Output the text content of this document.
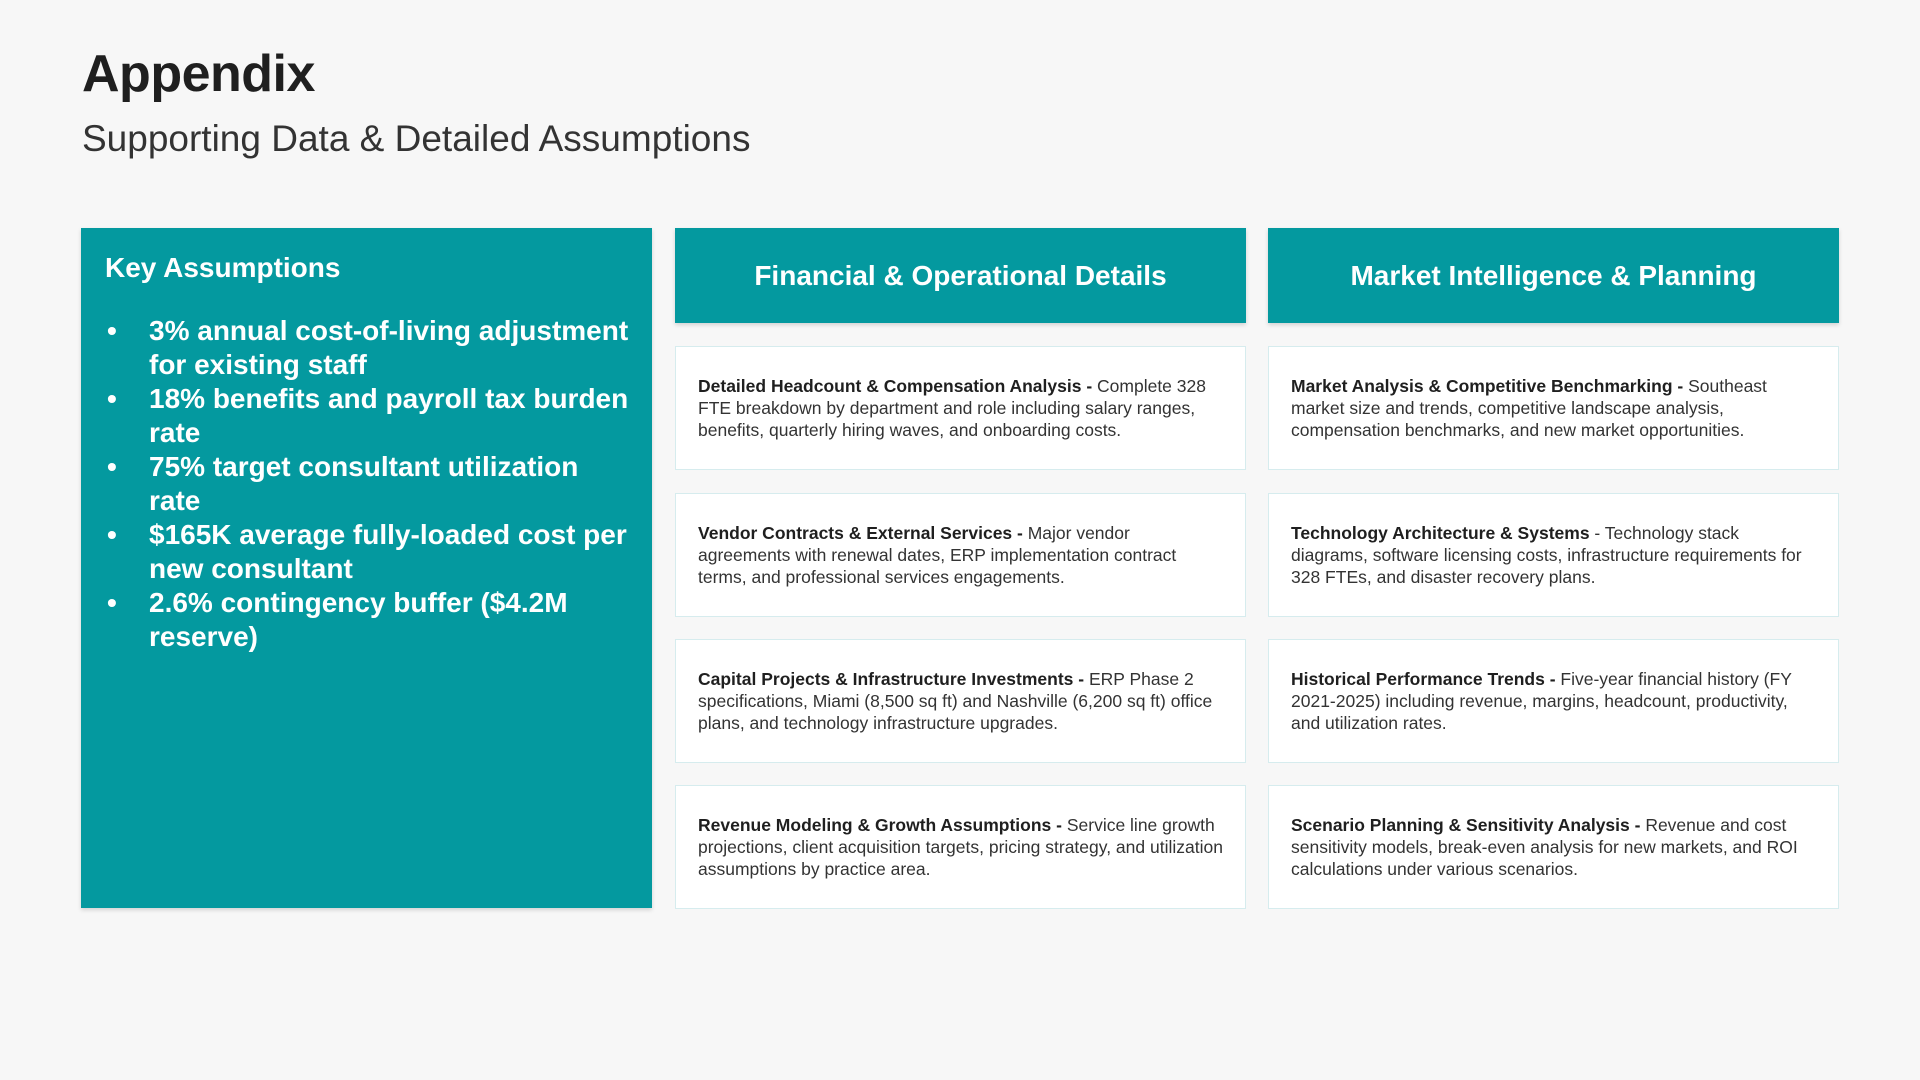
Appendix
Supporting Data & Detailed Assumptions
Key Assumptions
• 3% annual cost-of-living adjustment for existing staff
• 18% benefits and payroll tax burden rate
• 75% target consultant utilization rate
• $165K average fully-loaded cost per new consultant
• 2.6% contingency buffer ($4.2M reserve)
Financial & Operational Details	Market Intelligence & Planning
Detailed Headcount & Compensation Analysis - Complete 328 FTE breakdown by department and role including salary ranges, benefits, quarterly hiring waves, and onboarding costs.
Vendor Contracts & External Services - Major vendor agreements with renewal dates, ERP implementation contract terms, and professional services engagements.
Capital Projects & Infrastructure Investments - ERP Phase 2 specifications, Miami (8,500 sq ft) and Nashville (6,200 sq ft) office plans, and technology infrastructure upgrades.
Revenue Modeling & Growth Assumptions - Service line growth projections, client acquisition targets, pricing strategy, and utilization assumptions by practice area.
Market Analysis & Competitive Benchmarking - Southeast market size and trends, competitive landscape analysis, compensation benchmarks, and new market opportunities.
Technology Architecture & Systems - Technology stack diagrams, software licensing costs, infrastructure requirements for 328 FTEs, and disaster recovery plans.
Historical Performance Trends - Five-year financial history (FY 2021-2025) including revenue, margins, headcount, productivity, and utilization rates.
Scenario Planning & Sensitivity Analysis - Revenue and cost sensitivity models, break-even analysis for new markets, and ROI calculations under various scenarios.
